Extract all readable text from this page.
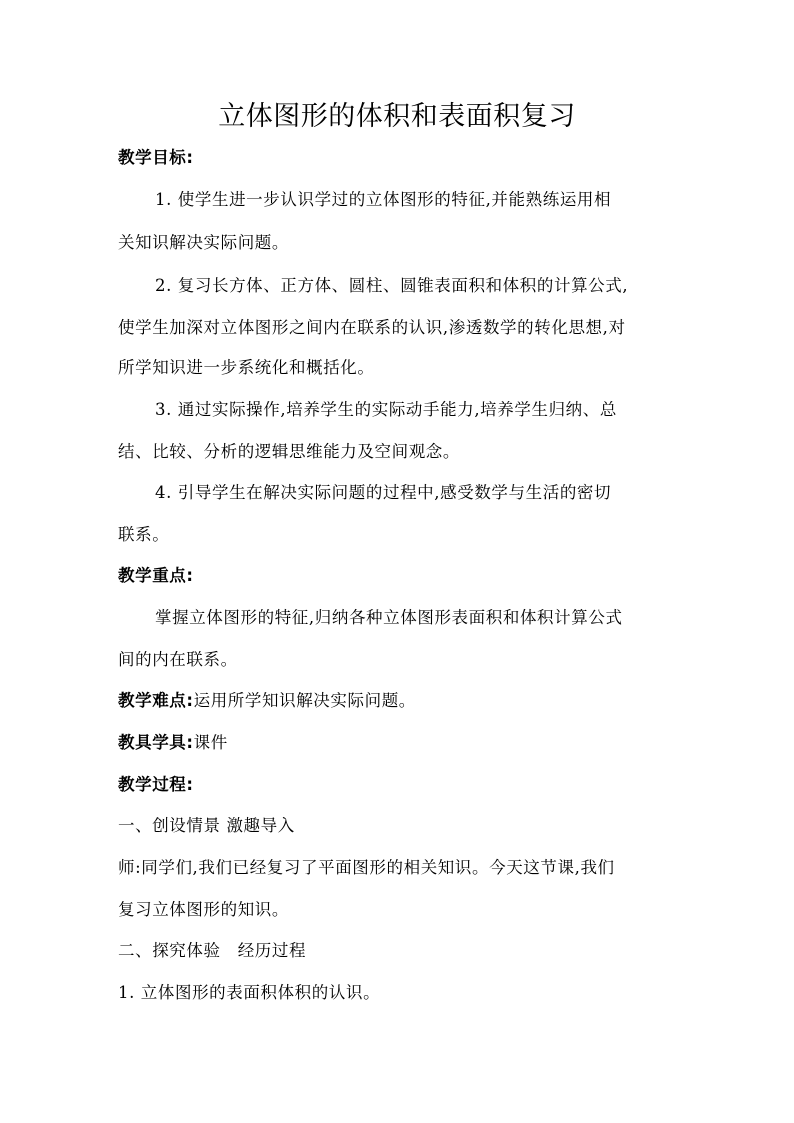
立体图形的体积和表面积复习
教学目标:
1. 使学生进一步认识学过的立体图形的特征,并能熟练运用相
关知识解决实际问题。
2. 复习长方体、正方体、圆柱、圆锥表面积和体积的计算公式,
使学生加深对立体图形之间内在联系的认识,渗透数学的转化思想,对
所学知识进一步系统化和概括化。
3. 通过实际操作,培养学生的实际动手能力,培养学生归纳、总
结、比较、分析的逻辑思维能力及空间观念。
4. 引导学生在解决实际问题的过程中,感受数学与生活的密切
联系。
教学重点:
掌握立体图形的特征,归纳各种立体图形表面积和体积计算公式
间的内在联系。
教学难点:运用所学知识解决实际问题。
教具学具:课件
教学过程:
一、创设情景 激趣导入
师:同学们,我们已经复习了平面图形的相关知识。今天这节课,我们
复习立体图形的知识。
二、探究体验　经历过程
1. 立体图形的表面积体积的认识。
